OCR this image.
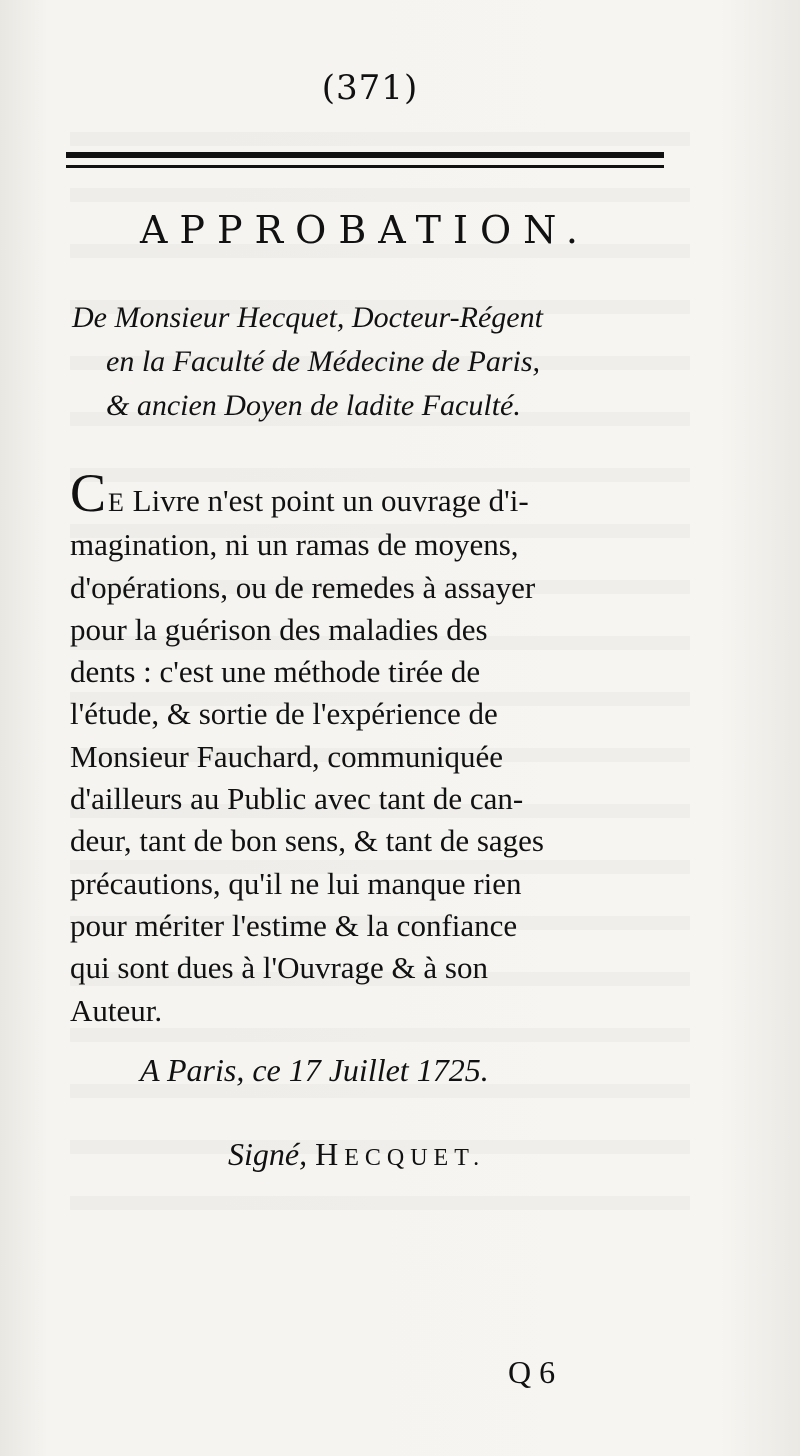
(371)
APPROBATION.
De Monsieur Hecquet, Docteur-Régent
en la Faculté de Médecine de Paris,
& ancien Doyen de ladite Faculté.
CE Livre n'est point un ouvrage d'i-
magination, ni un ramas de moyens,
d'opérations, ou de remedes à assayer
pour la guérison des maladies des
dents : c'est une méthode tirée de
l'étude, & sortie de l'expérience de
Monsieur Fauchard, communiquée
d'ailleurs au Public avec tant de can-
deur, tant de bon sens, & tant de sages
précautions, qu'il ne lui manque rien
pour mériter l'estime & la confiance
qui sont dues à l'Ouvrage & à son
Auteur.
A Paris, ce 17 Juillet 1725.
Signé, HECQUET.
Q 6
